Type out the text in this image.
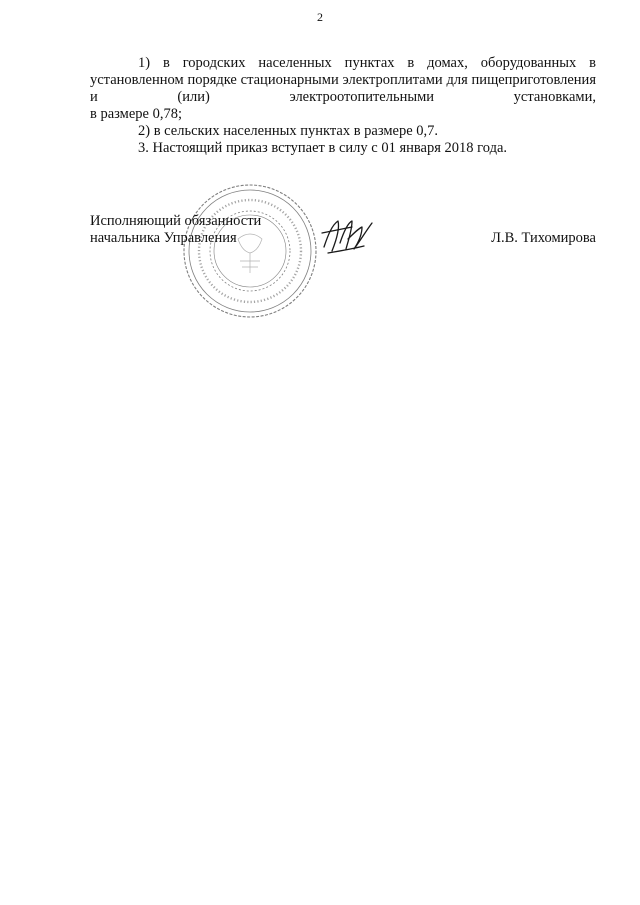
2

1) в городских населенных пунктах в домах, оборудованных в установленном порядке стационарными электроплитами для пищеприготовления и (или) электроотопительными установками,

в размере 0,78;

2) в сельских населенных пунктах в размере 0,7.

3. Настоящий приказ вступает в силу с 01 января 2018 года.

Исполняющий обязанности
начальника Управления	Л.В. Тихомирова
